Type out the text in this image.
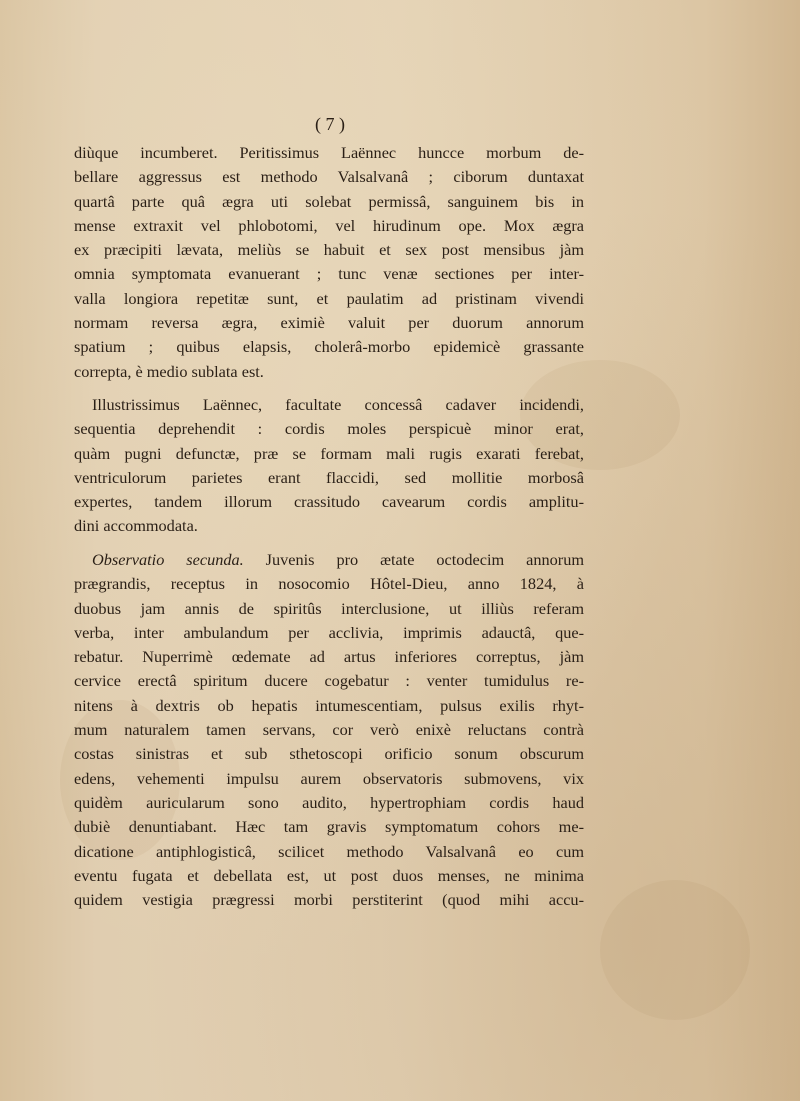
( 7 )

diùque incumberet. Peritissimus Laënnec huncce morbum de-
bellare aggressus est methodo Valsalvanâ ; ciborum duntaxat
quartâ parte quâ ægra uti solebat permissâ, sanguinem bis in
mense extraxit vel phlobotomi, vel hirudinum ope. Mox ægra
ex præcipiti lævata, meliùs se habuit et sex post mensibus jàm
omnia symptomata evanuerant ; tunc venæ sectiones per inter-
valla longiora repetitæ sunt, et paulatim ad pristinam vivendi
normam reversa ægra, eximiè valuit per duorum annorum
spatium ; quibus elapsis, cholerâ-morbo epidemicè grassante
correpta, è medio sublata est.

Illustrissimus Laënnec, facultate concessâ cadaver incidendi,
sequentia deprehendit : cordis moles perspicuè minor erat,
quàm pugni defunctæ, præ se formam mali rugis exarati ferebat,
ventriculorum parietes erant flaccidi, sed mollitie morbosâ
expertes, tandem illorum crassitudo cavearum cordis amplitu-
dini accommodata.

Observatio secunda. Juvenis pro ætate octodecim annorum
prægrandis, receptus in nosocomio Hôtel-Dieu, anno 1824, à
duobus jam annis de spiritûs interclusione, ut illiùs referam
verba, inter ambulandum per acclivia, imprimis adauctâ, que-
rebatur. Nuperrimè œdemate ad artus inferiores correptus, jàm
cervice erectâ spiritum ducere cogebatur : venter tumidulus re-
nitens à dextris ob hepatis intumescentiam, pulsus exilis rhyt-
mum naturalem tamen servans, cor verò enixè reluctans contrà
costas sinistras et sub sthetoscopi orificio sonum obscurum
edens, vehementi impulsu aurem observatoris submovens, vix
quidèm auricularum sono audito, hypertrophiam cordis haud
dubiè denuntiabant. Hæc tam gravis symptomatum cohors me-
dicatione antiphlogisticâ, scilicet methodo Valsalvanâ eo cum
eventu fugata et debellata est, ut post duos menses, ne minima
quidem vestigia prægressi morbi perstiterint (quod mihi accu-
